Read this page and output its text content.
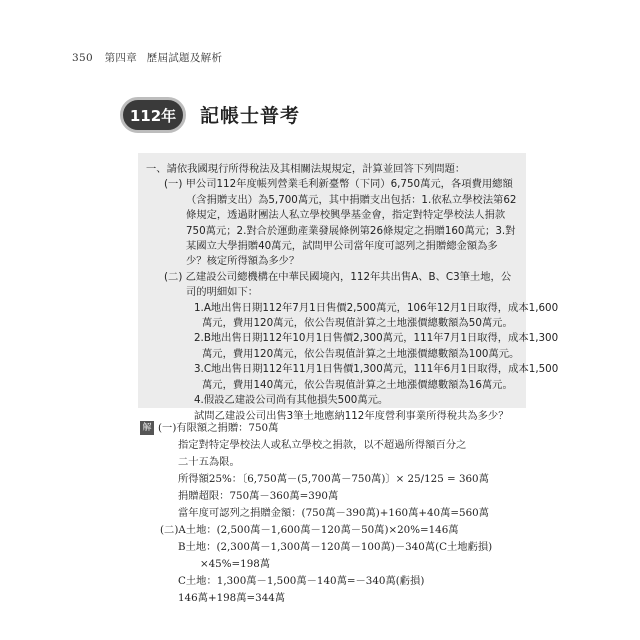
350 第四章 歷屆試題及解析
112年	記帳士普考
一、請依我國現行所得稅法及其相關法規規定，計算並回答下列問題：
(一) 甲公司112年度帳列營業毛利新臺幣（下同）6,750萬元，各項費用總額
（含捐贈支出）為5,700萬元，其中捐贈支出包括：1.依私立學校法第62
條規定，透過財團法人私立學校興學基金會，指定對特定學校法人捐款
750萬元；2.對合於運動產業發展條例第26條規定之捐贈160萬元；3.對
某國立大學捐贈40萬元，試問甲公司當年度可認列之捐贈總金額為多
少？核定所得額為多少？
(二) 乙建設公司總機構在中華民國境內，112年共出售A、B、C3筆土地，公
司的明細如下：
1.A地出售日期112年7月1日售價2,500萬元，106年12月1日取得，成本1,600
萬元，費用120萬元，依公告現值計算之土地漲價總數額為50萬元。
2.B地出售日期112年10月1日售價2,300萬元，111年7月1日取得，成本1,300
萬元，費用120萬元，依公告現值計算之土地漲價總數額為100萬元。
3.C地出售日期112年11月1日售價1,300萬元，111年6月1日取得，成本1,500
萬元，費用140萬元，依公告現值計算之土地漲價總數額為16萬元。
4.假設乙建設公司尚有其他損失500萬元。
試問乙建設公司出售3筆土地應納112年度營利事業所得稅共為多少？
解 (一)有限額之捐贈：750萬
指定對特定學校法人或私立學校之捐款，以不超過所得額百分之
二十五為限。
所得額25%：〔6,750萬－(5,700萬－750萬)〕× 25/125 = 360萬
捐贈超限：750萬－360萬=390萬
當年度可認列之捐贈金額：(750萬－390萬)+160萬+40萬=560萬
(二)A土地：(2,500萬－1,600萬－120萬－50萬)×20%=146萬
B土地：(2,300萬－1,300萬－120萬－100萬)－340萬(C土地虧損)
×45%=198萬
C土地：1,300萬－1,500萬－140萬=－340萬(虧損)
146萬+198萬=344萬
